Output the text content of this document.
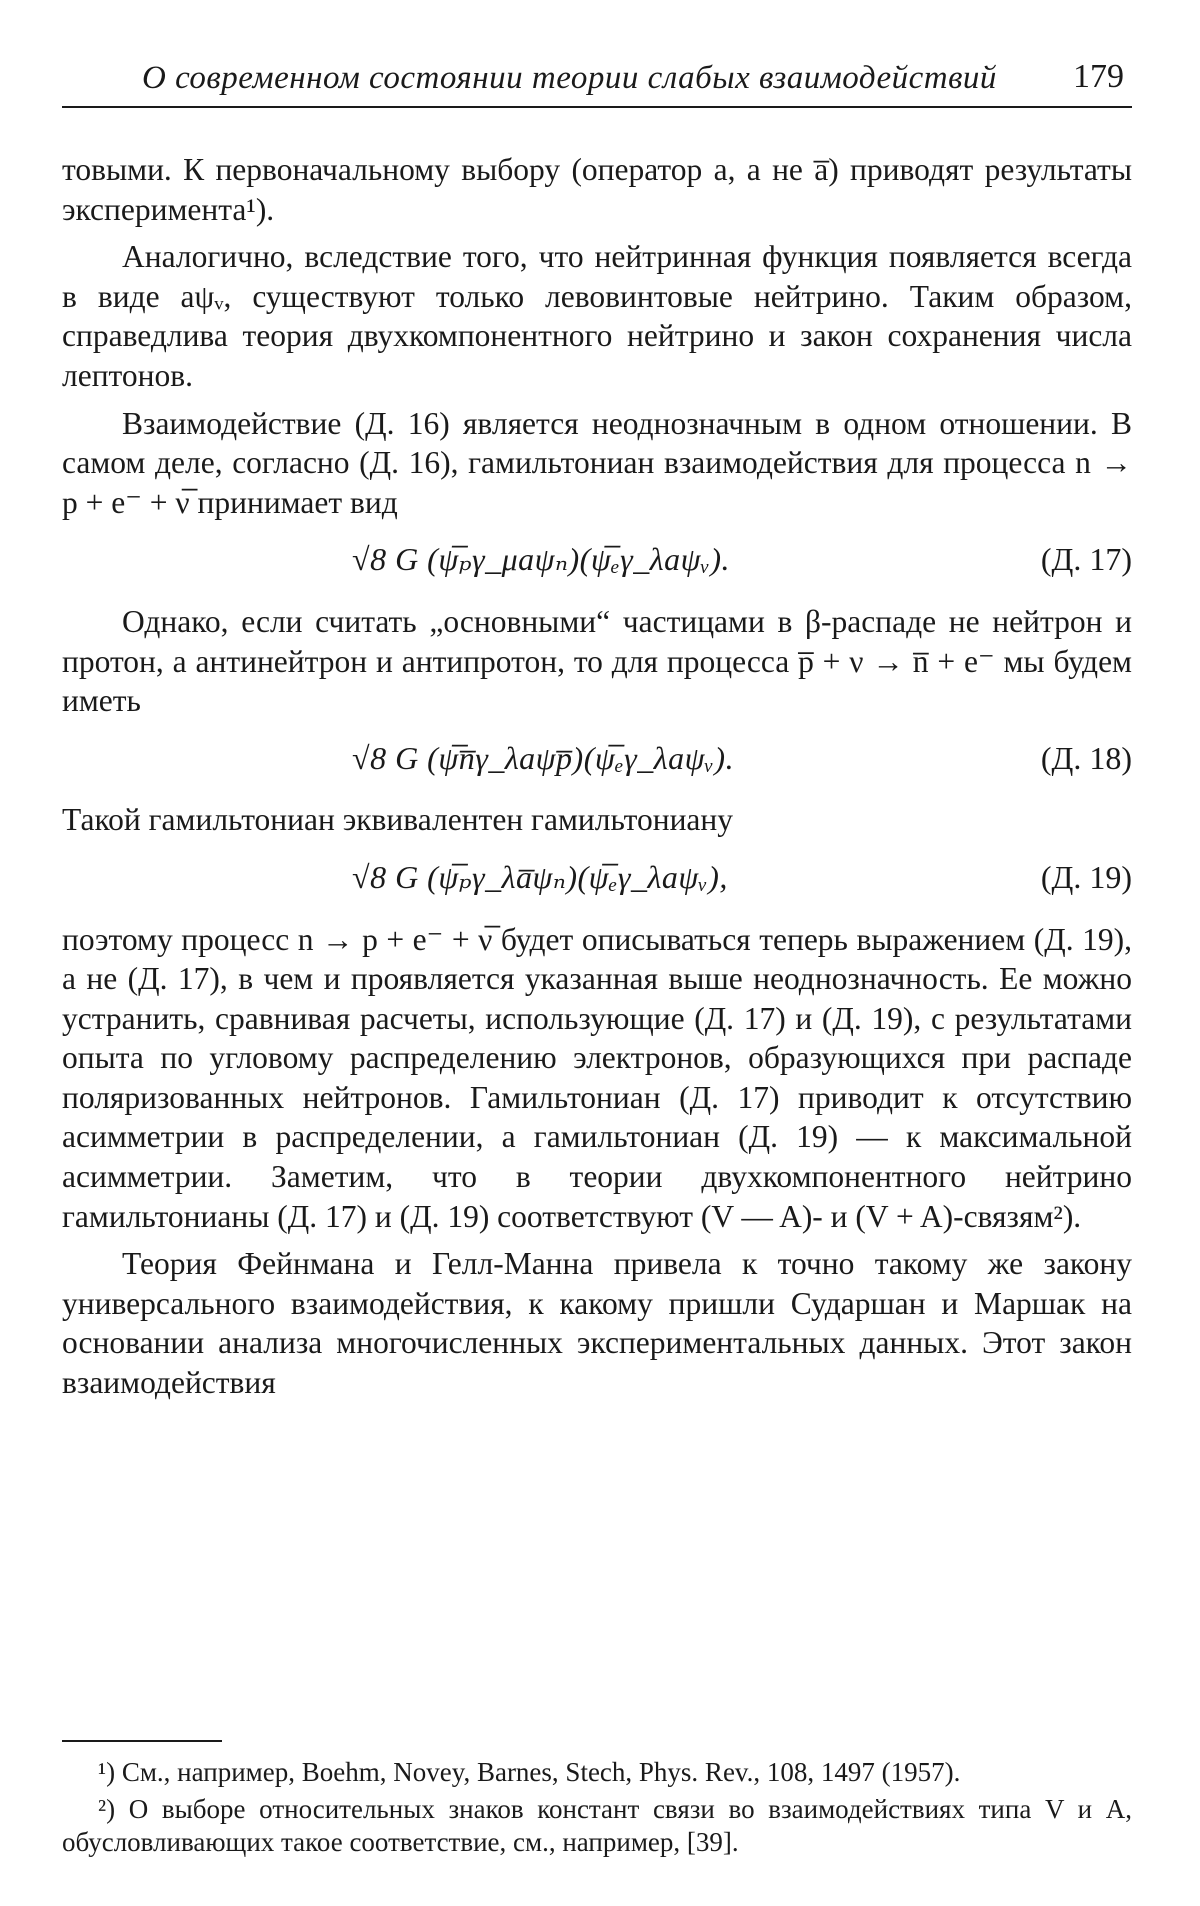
О современном состоянии теории слабых взаимодействий 179

товыми. К первоначальному выбору (оператор a, а не a̅) приводят результаты эксперимента¹).

Аналогично, вследствие того, что нейтринная функция появляется всегда в виде aψᵥ, существуют только левовинтовые нейтрино. Таким образом, справедлива теория двухкомпонентного нейтрино и закон сохранения числа лептонов.

Взаимодействие (Д. 16) является неоднозначным в одном отношении. В самом деле, согласно (Д. 16), гамильтониан взаимодействия для процесса n → p + e⁻ + ν̅ принимает вид

√8 G (ψ̅ₚγ_μaψₙ)(ψ̅ₑγ_λaψᵥ).	(Д. 17)

Однако, если считать „основными“ частицами в β-распаде не нейтрон и протон, а антинейтрон и антипротон, то для процесса p̅ + ν → n̅ + e⁻ мы будем иметь

√8 G (ψ̅n̅γ_λaψp̅)(ψ̅ₑγ_λaψᵥ).	(Д. 18)

Такой гамильтониан эквивалентен гамильтониану

√8 G (ψ̅ₚγ_λa̅ψₙ)(ψ̅ₑγ_λaψᵥ),	(Д. 19)

поэтому процесс n → p + e⁻ + ν̅ будет описываться теперь выражением (Д. 19), а не (Д. 17), в чем и проявляется указанная выше неоднозначность. Ее можно устранить, сравнивая расчеты, использующие (Д. 17) и (Д. 19), с результатами опыта по угловому распределению электронов, образующихся при распаде поляризованных нейтронов. Гамильтониан (Д. 17) приводит к отсутствию асимметрии в распределении, а гамильтониан (Д. 19) — к максимальной асимметрии. Заметим, что в теории двухкомпонентного нейтрино гамильтонианы (Д. 17) и (Д. 19) соответствуют (V — A)- и (V + A)-связям²).

Теория Фейнмана и Гелл-Манна привела к точно такому же закону универсального взаимодействия, к какому пришли Сударшан и Маршак на основании анализа многочисленных экспериментальных данных. Этот закон взаимодействия

¹) См., например, Boehm, Novey, Barnes, Stech, Phys. Rev., 108, 1497 (1957).

²) О выборе относительных знаков констант связи во взаимодействиях типа V и A, обусловливающих такое соответствие, см., например, [39].
